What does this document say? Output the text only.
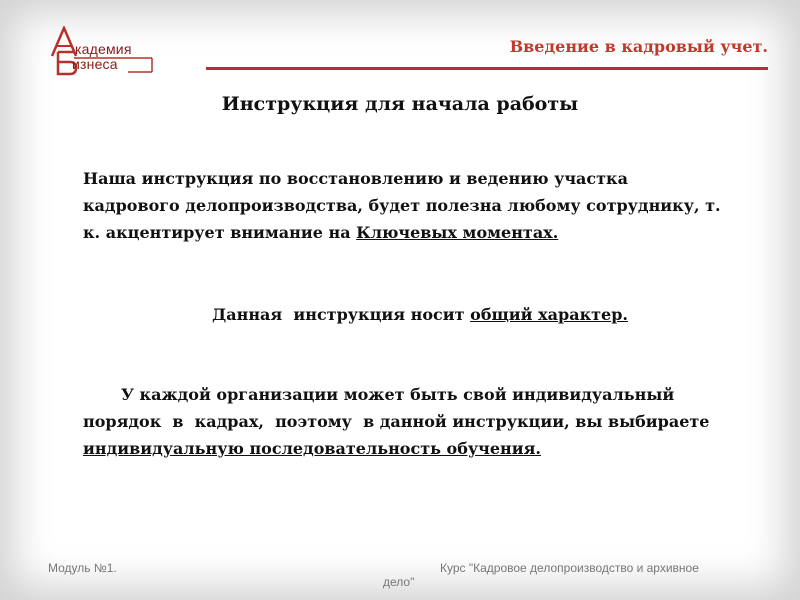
кадемия
изнеса
Введение в кадровый учет.
Инструкция для начала работы
Наша инструкция по восстановлению и ведению участка
кадрового делопроизводства, будет полезна любому сотруднику, т.
к. акцентирует внимание на Ключевых моментах.
Данная  инструкция носит общий характер.
У каждой организации может быть свой индивидуальный
порядок  в  кадрах,  поэтому  в данной инструкции, вы выбираете
индивидуальную последовательность обучения.
Модуль №1.	Курс "Кадровое делопроизводство и архивное
дело"
